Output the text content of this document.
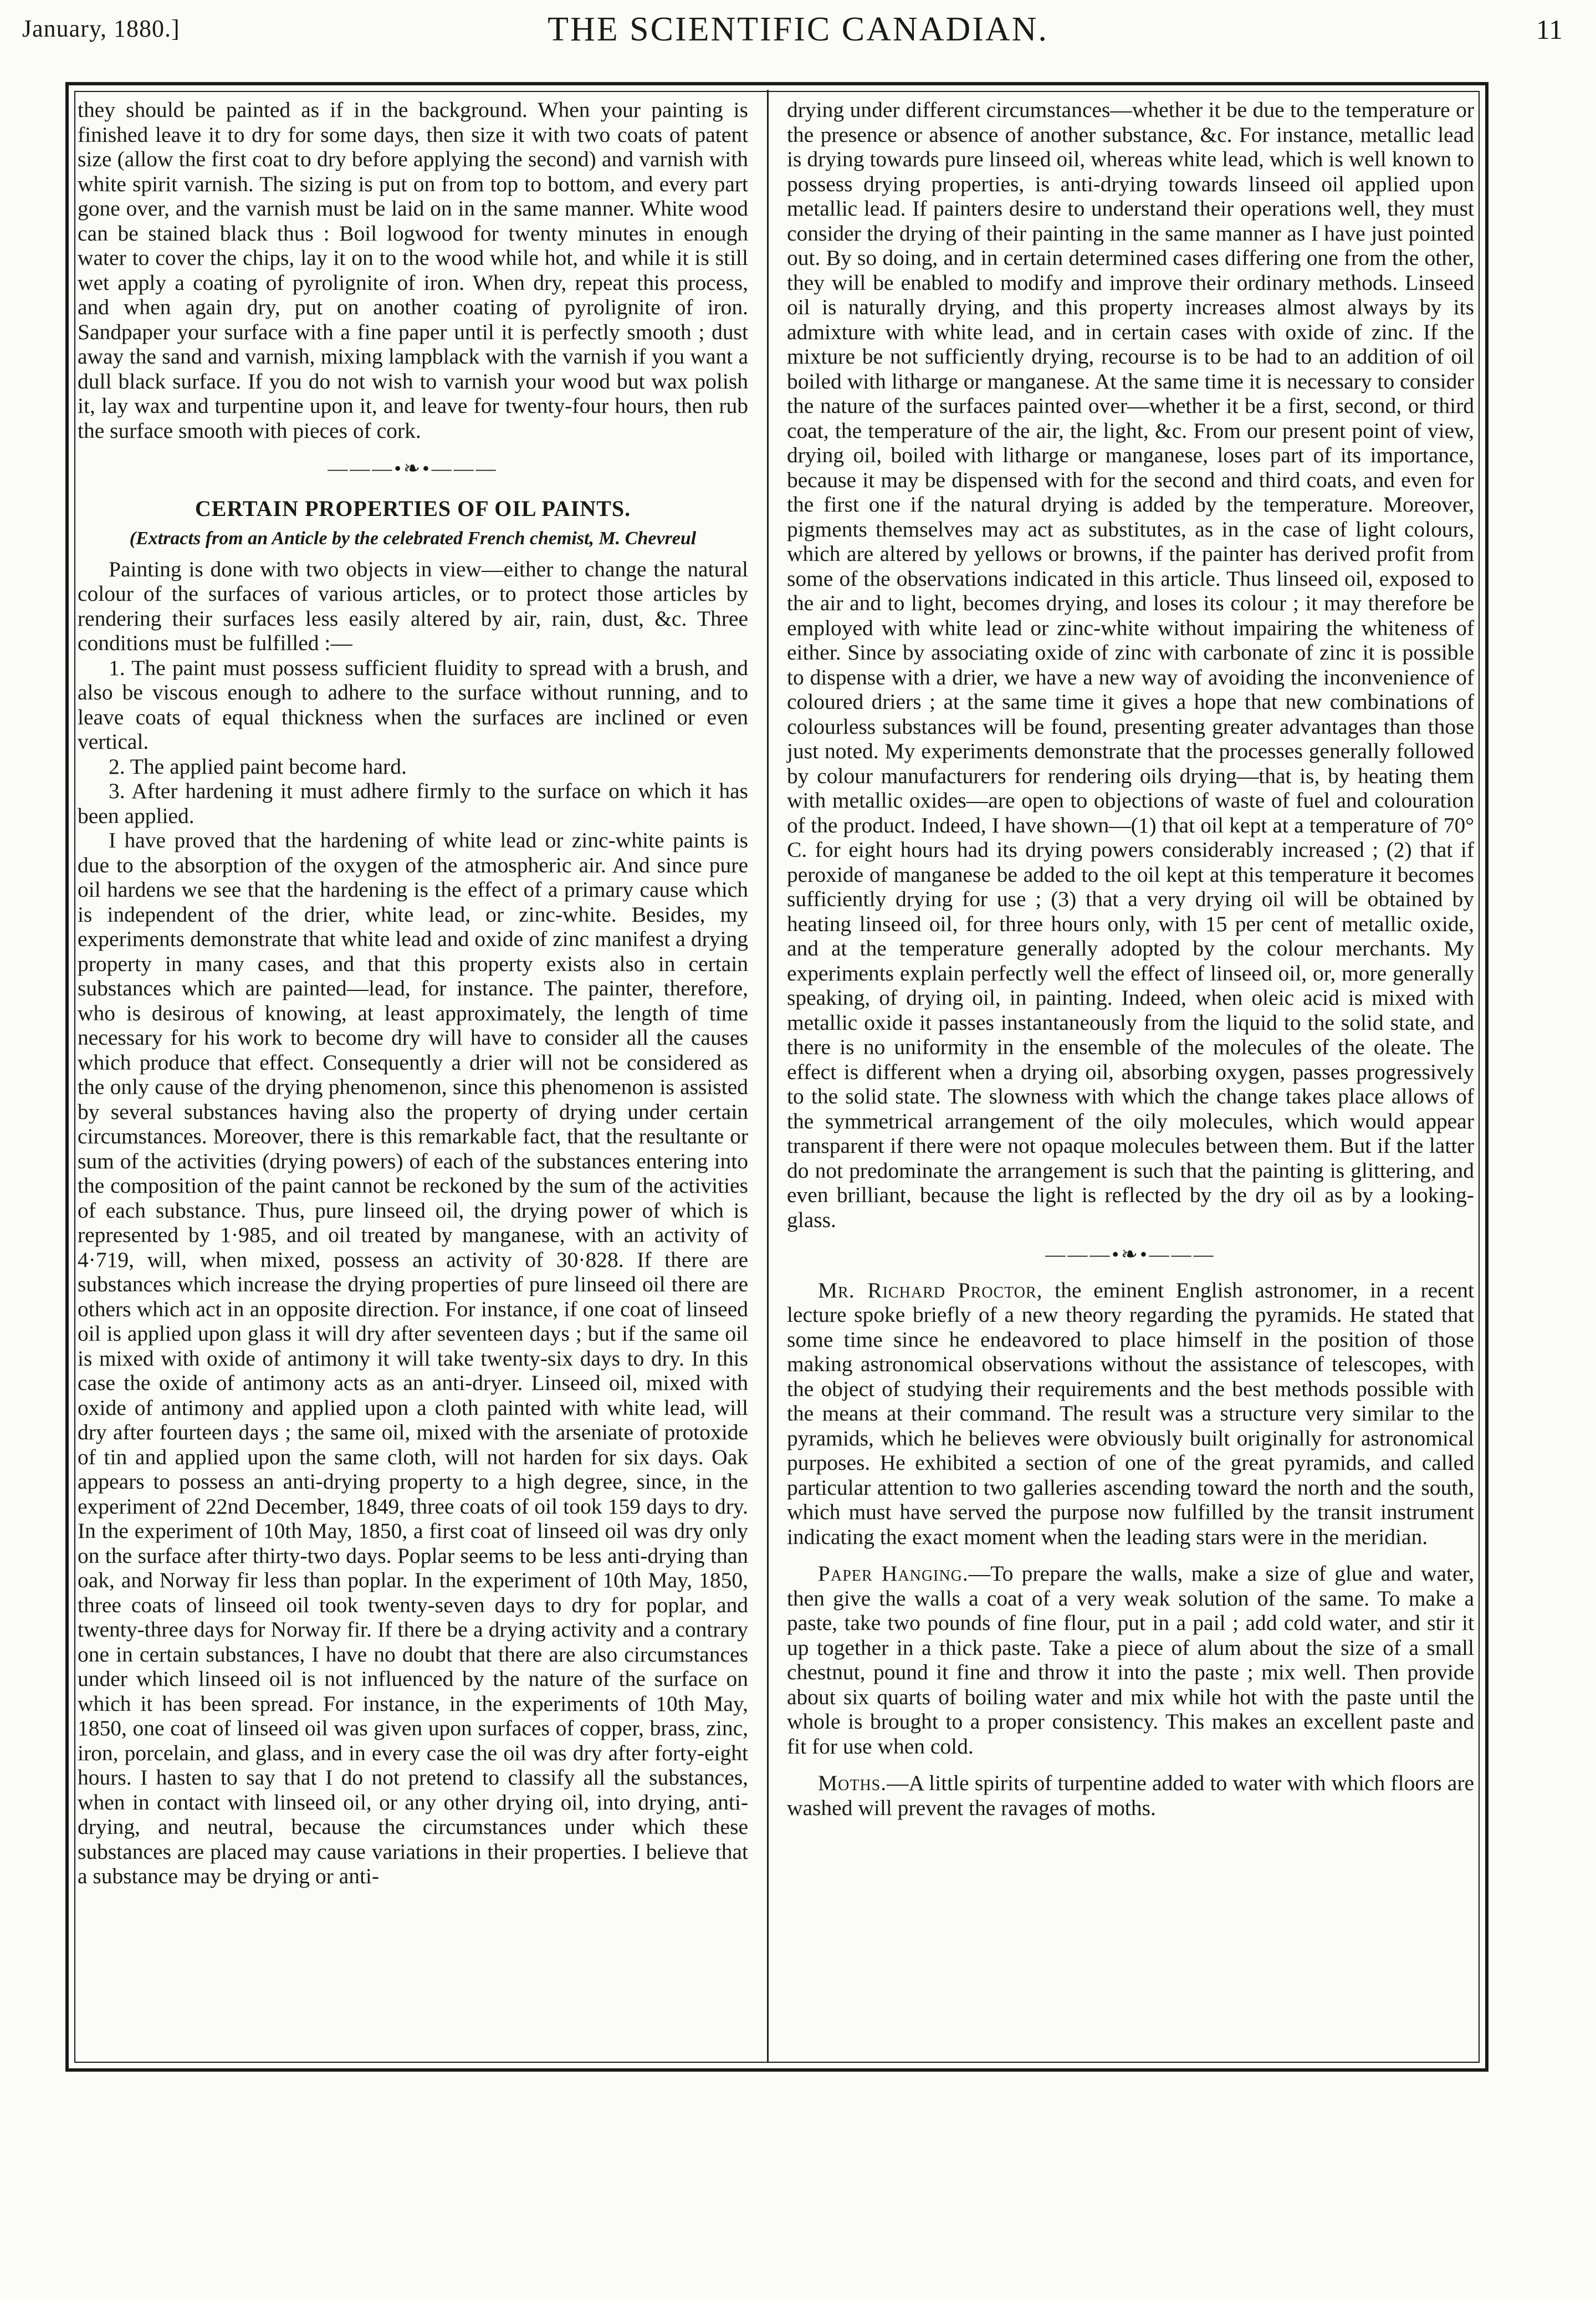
January, 1880.]	THE SCIENTIFIC CANADIAN.	11

they should be painted as if in the background. When your painting is finished leave it to dry for some days, then size it with two coats of patent size (allow the first coat to dry before applying the second) and varnish with white spirit varnish. The sizing is put on from top to bottom, and every part gone over, and the varnish must be laid on in the same manner. White wood can be stained black thus : Boil logwood for twenty minutes in enough water to cover the chips, lay it on to the wood while hot, and while it is still wet apply a coating of pyrolignite of iron. When dry, repeat this process, and when again dry, put on another coating of pyrolignite of iron. Sandpaper your surface with a fine paper until it is perfectly smooth ; dust away the sand and varnish, mixing lampblack with the varnish if you want a dull black surface. If you do not wish to varnish your wood but wax polish it, lay wax and turpentine upon it, and leave for twenty-four hours, then rub the surface smooth with pieces of cork.

———•❧•———
CERTAIN PROPERTIES OF OIL PAINTS.
(Extracts from an Anticle by the celebrated French chemist, M. Chevreul

Painting is done with two objects in view—either to change the natural colour of the surfaces of various articles, or to protect those articles by rendering their surfaces less easily altered by air, rain, dust, &c. Three conditions must be fulfilled :—

1. The paint must possess sufficient fluidity to spread with a brush, and also be viscous enough to adhere to the surface without running, and to leave coats of equal thickness when the surfaces are inclined or even vertical.

2. The applied paint become hard.

3. After hardening it must adhere firmly to the surface on which it has been applied.

I have proved that the hardening of white lead or zinc-white paints is due to the absorption of the oxygen of the atmospheric air. And since pure oil hardens we see that the hardening is the effect of a primary cause which is independent of the drier, white lead, or zinc-white. Besides, my experiments demonstrate that white lead and oxide of zinc manifest a drying property in many cases, and that this property exists also in certain substances which are painted—lead, for instance. The painter, therefore, who is desirous of knowing, at least approximately, the length of time necessary for his work to become dry will have to consider all the causes which produce that effect. Consequently a drier will not be considered as the only cause of the drying phenomenon, since this phenomenon is assisted by several substances having also the property of drying under certain circumstances. Moreover, there is this remarkable fact, that the resultante or sum of the activities (drying powers) of each of the substances entering into the composition of the paint cannot be reckoned by the sum of the activities of each substance. Thus, pure linseed oil, the drying power of which is represented by 1·985, and oil treated by manganese, with an activity of 4·719, will, when mixed, possess an activity of 30·828. If there are substances which increase the drying properties of pure linseed oil there are others which act in an opposite direction. For instance, if one coat of linseed oil is applied upon glass it will dry after seventeen days ; but if the same oil is mixed with oxide of antimony it will take twenty-six days to dry. In this case the oxide of antimony acts as an anti-dryer. Linseed oil, mixed with oxide of antimony and applied upon a cloth painted with white lead, will dry after fourteen days ; the same oil, mixed with the arseniate of protoxide of tin and applied upon the same cloth, will not harden for six days. Oak appears to possess an anti-drying property to a high degree, since, in the experiment of 22nd December, 1849, three coats of oil took 159 days to dry. In the experiment of 10th May, 1850, a first coat of linseed oil was dry only on the surface after thirty-two days. Poplar seems to be less anti-drying than oak, and Norway fir less than poplar. In the experiment of 10th May, 1850, three coats of linseed oil took twenty-seven days to dry for poplar, and twenty-three days for Norway fir. If there be a drying activity and a contrary one in certain substances, I have no doubt that there are also circumstances under which linseed oil is not influenced by the nature of the surface on which it has been spread. For instance, in the experiments of 10th May, 1850, one coat of linseed oil was given upon surfaces of copper, brass, zinc, iron, porcelain, and glass, and in every case the oil was dry after forty-eight hours. I hasten to say that I do not pretend to classify all the substances, when in contact with linseed oil, or any other drying oil, into drying, anti-drying, and neutral, because the circumstances under which these substances are placed may cause variations in their properties. I believe that a substance may be drying or anti-

drying under different circumstances—whether it be due to the temperature or the presence or absence of another substance, &c. For instance, metallic lead is drying towards pure linseed oil, whereas white lead, which is well known to possess drying properties, is anti-drying towards linseed oil applied upon metallic lead. If painters desire to understand their operations well, they must consider the drying of their painting in the same manner as I have just pointed out. By so doing, and in certain determined cases differing one from the other, they will be enabled to modify and improve their ordinary methods. Linseed oil is naturally drying, and this property increases almost always by its admixture with white lead, and in certain cases with oxide of zinc. If the mixture be not sufficiently drying, recourse is to be had to an addition of oil boiled with litharge or manganese. At the same time it is necessary to consider the nature of the surfaces painted over—whether it be a first, second, or third coat, the temperature of the air, the light, &c. From our present point of view, drying oil, boiled with litharge or manganese, loses part of its importance, because it may be dispensed with for the second and third coats, and even for the first one if the natural drying is added by the temperature. Moreover, pigments themselves may act as substitutes, as in the case of light colours, which are altered by yellows or browns, if the painter has derived profit from some of the observations indicated in this article. Thus linseed oil, exposed to the air and to light, becomes drying, and loses its colour ; it may therefore be employed with white lead or zinc-white without impairing the whiteness of either. Since by associating oxide of zinc with carbonate of zinc it is possible to dispense with a drier, we have a new way of avoiding the inconvenience of coloured driers ; at the same time it gives a hope that new combinations of colourless substances will be found, presenting greater advantages than those just noted. My experiments demonstrate that the processes generally followed by colour manufacturers for rendering oils drying—that is, by heating them with metallic oxides—are open to objections of waste of fuel and colouration of the product. Indeed, I have shown—(1) that oil kept at a temperature of 70° C. for eight hours had its drying powers considerably increased ; (2) that if peroxide of manganese be added to the oil kept at this temperature it becomes sufficiently drying for use ; (3) that a very drying oil will be obtained by heating linseed oil, for three hours only, with 15 per cent of metallic oxide, and at the temperature generally adopted by the colour merchants. My experiments explain perfectly well the effect of linseed oil, or, more generally speaking, of drying oil, in painting. Indeed, when oleic acid is mixed with metallic oxide it passes instantaneously from the liquid to the solid state, and there is no uniformity in the ensemble of the molecules of the oleate. The effect is different when a drying oil, absorbing oxygen, passes progressively to the solid state. The slowness with which the change takes place allows of the symmetrical arrangement of the oily molecules, which would appear transparent if there were not opaque molecules between them. But if the latter do not predominate the arrangement is such that the painting is glittering, and even brilliant, because the light is reflected by the dry oil as by a looking-glass.

———•❧•———

Mr. Richard Proctor, the eminent English astronomer, in a recent lecture spoke briefly of a new theory regarding the pyramids. He stated that some time since he endeavored to place himself in the position of those making astronomical observations without the assistance of telescopes, with the object of studying their requirements and the best methods possible with the means at their command. The result was a structure very similar to the pyramids, which he believes were obviously built originally for astronomical purposes. He exhibited a section of one of the great pyramids, and called particular attention to two galleries ascending toward the north and the south, which must have served the purpose now fulfilled by the transit instrument indicating the exact moment when the leading stars were in the meridian.

Paper Hanging.—To prepare the walls, make a size of glue and water, then give the walls a coat of a very weak solution of the same. To make a paste, take two pounds of fine flour, put in a pail ; add cold water, and stir it up together in a thick paste. Take a piece of alum about the size of a small chestnut, pound it fine and throw it into the paste ; mix well. Then provide about six quarts of boiling water and mix while hot with the paste until the whole is brought to a proper consistency. This makes an excellent paste and fit for use when cold.

Moths.—A little spirits of turpentine added to water with which floors are washed will prevent the ravages of moths.
